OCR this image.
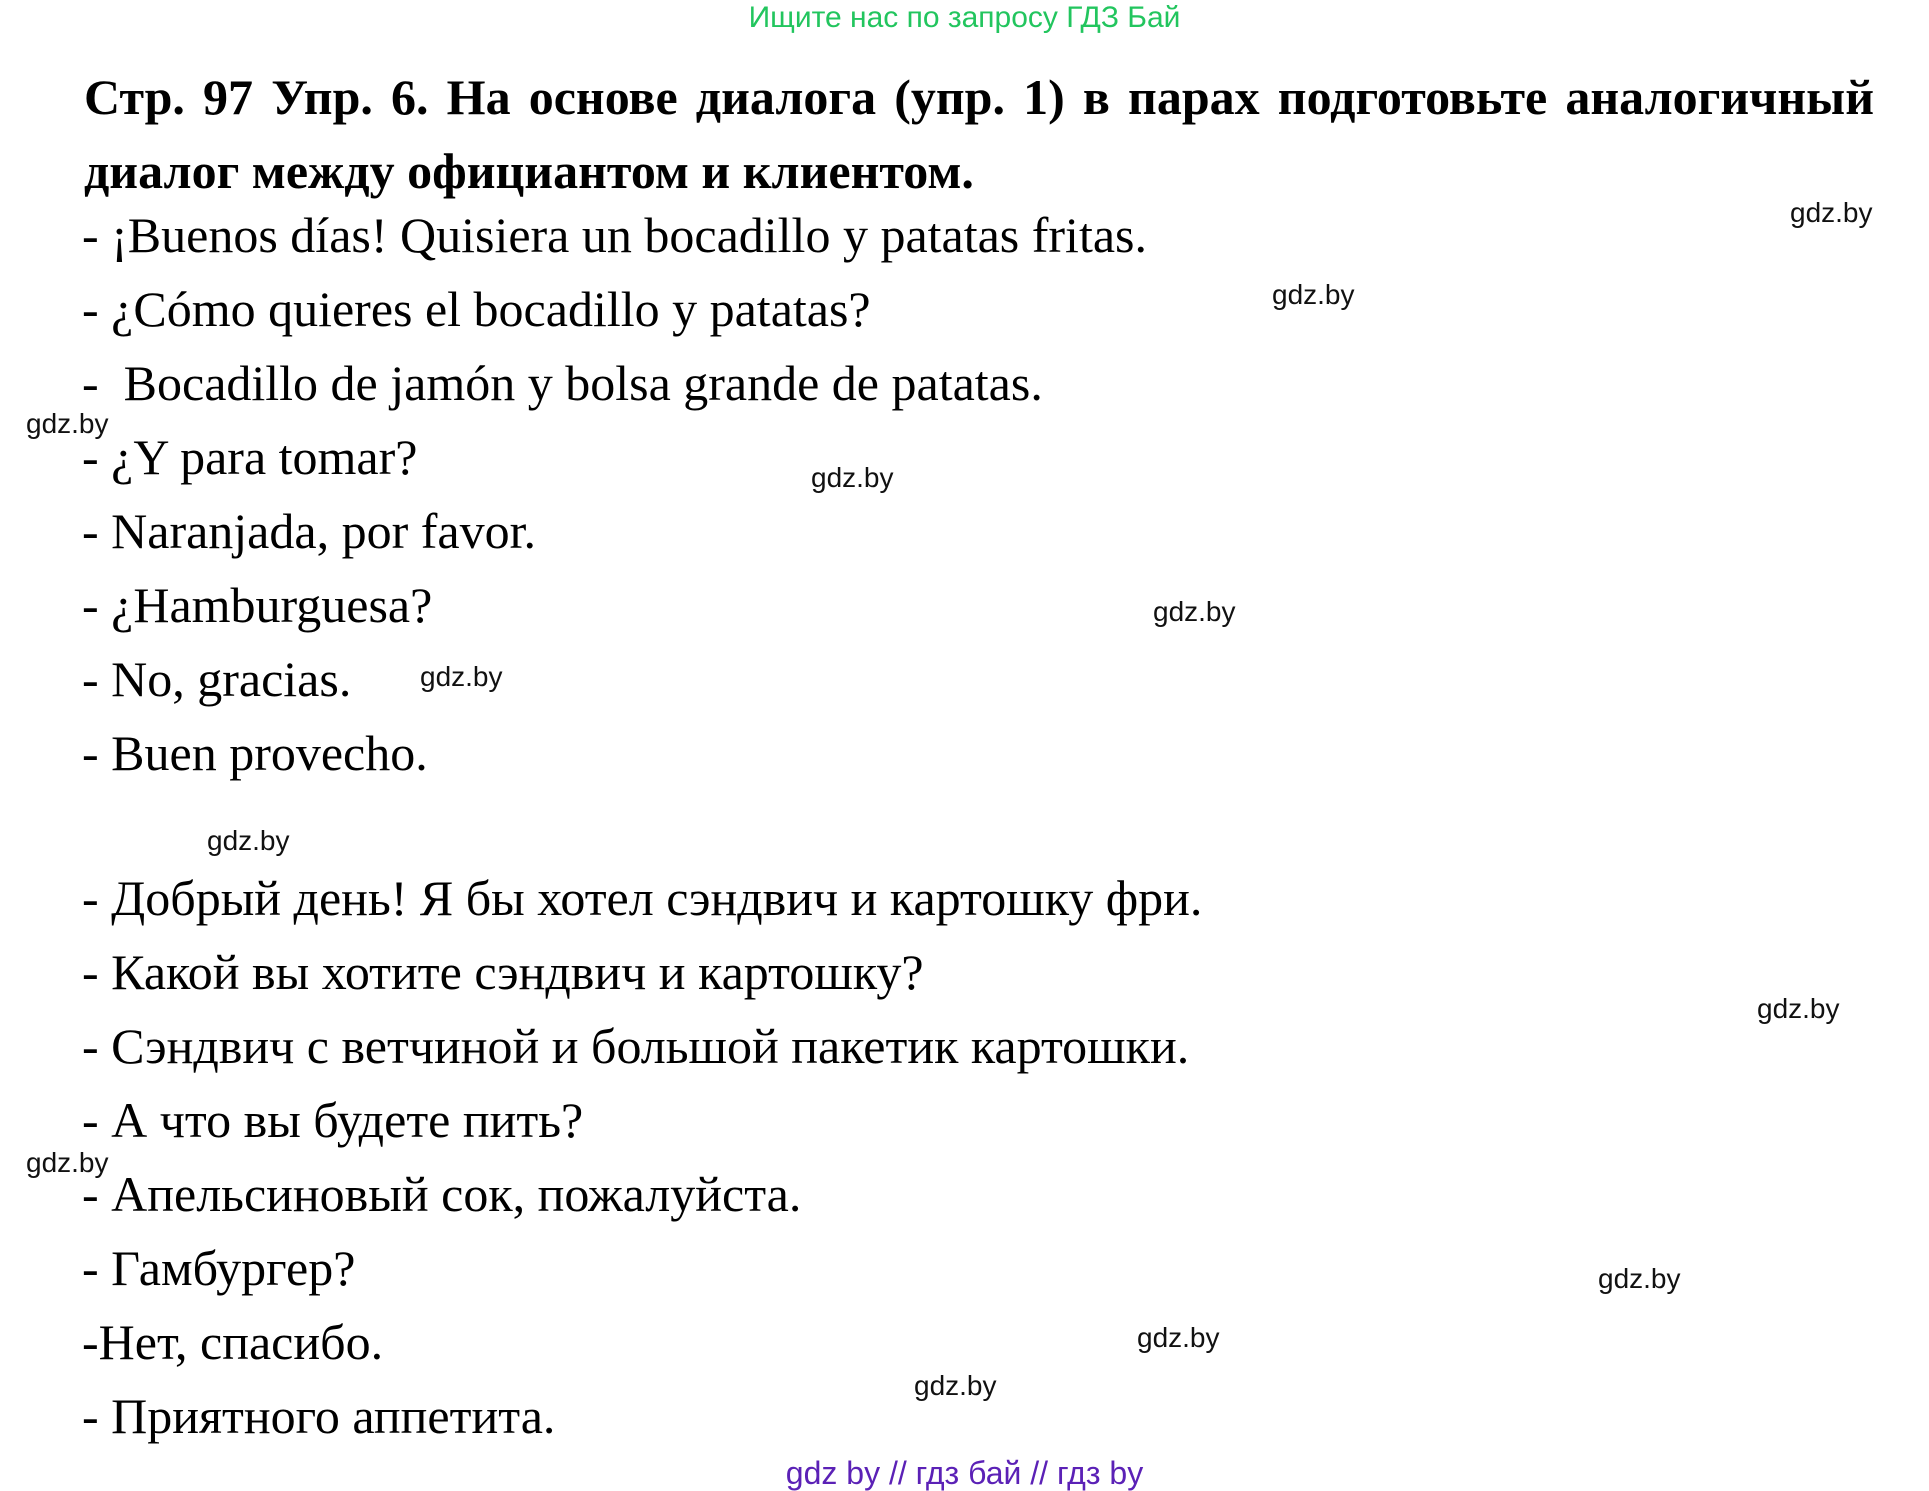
Ищите нас по запросу ГДЗ Бай
Стр. 97 Упр. 6. На основе диалога (упр. 1) в парах подготовьте аналогичный диалог между официантом и клиентом.
- ¡Buenos días! Quisiera un bocadillo y patatas fritas.
- ¿Cómo quieres el bocadillo y patatas?
-  Bocadillo de jamón y bolsa grande de patatas.
- ¿Y para tomar?
- Naranjada, por favor.
- ¿Hamburguesa?
- No, gracias.
- Buen provecho.
- Добрый день! Я бы хотел сэндвич и картошку фри.
- Какой вы хотите сэндвич и картошку?
- Сэндвич с ветчиной и большой пакетик картошки.
- А что вы будете пить?
- Апельсиновый сок, пожалуйста.
- Гамбургер?
-Нет, спасибо.
- Приятного аппетита.
gdz.by
gdz.by
gdz.by
gdz.by
gdz.by
gdz.by
gdz.by
gdz.by
gdz.by
gdz.by
gdz.by
gdz.by
gdz by // гдз бай // гдз by
